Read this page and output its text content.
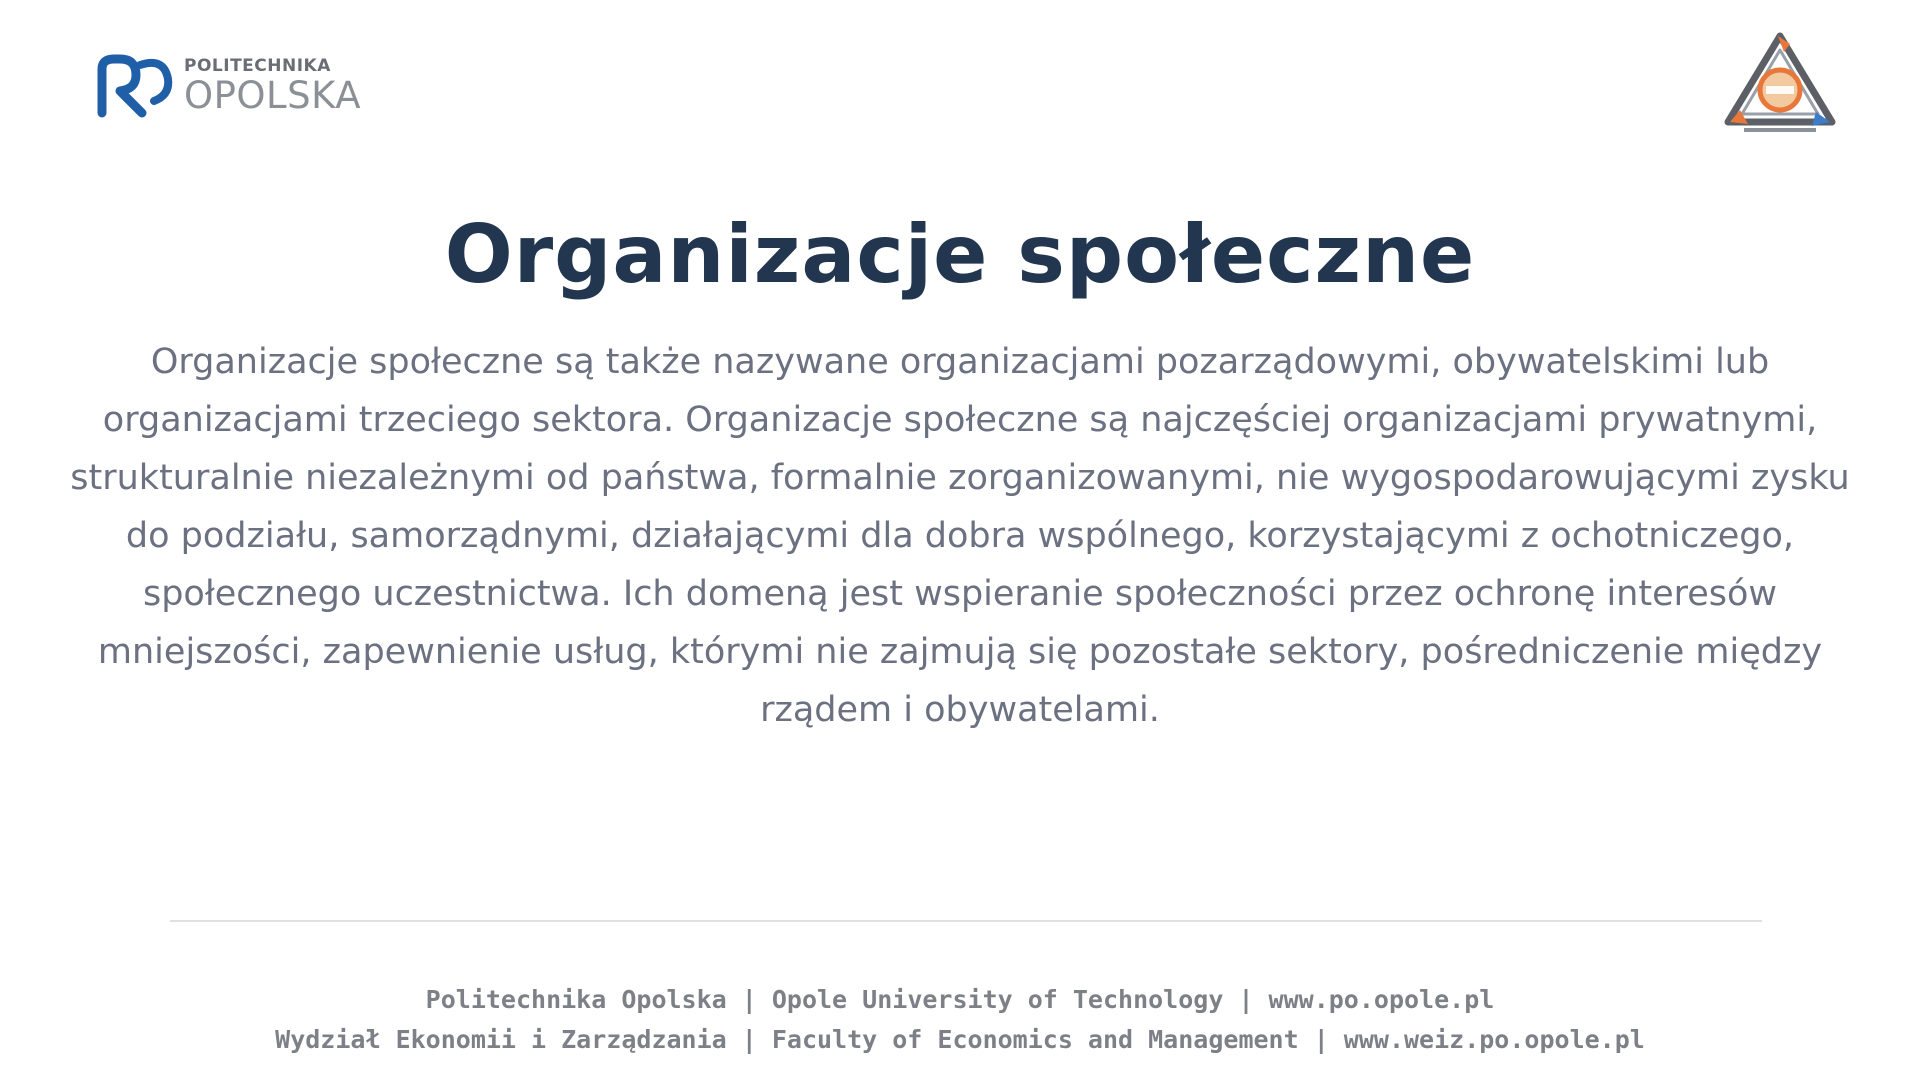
POLITECHNIKA
OPOLSKA
Organizacje społeczne
Organizacje społeczne są także nazywane organizacjami pozarządowymi, obywatelskimi lub organizacjami trzeciego sektora. Organizacje społeczne są najczęściej organizacjami prywatnymi, strukturalnie niezależnymi od państwa, formalnie zorganizowanymi, nie wygospodarowującymi zysku do podziału, samorządnymi, działającymi dla dobra wspólnego, korzystającymi z ochotniczego, społecznego uczestnictwa. Ich domeną jest wspieranie społeczności przez ochronę interesów mniejszości, zapewnienie usług, którymi nie zajmują się pozostałe sektory, pośredniczenie między rządem i obywatelami.
Politechnika Opolska | Opole University of Technology | www.po.opole.pl
Wydział Ekonomii i Zarządzania | Faculty of Economics and Management | www.weiz.po.opole.pl
